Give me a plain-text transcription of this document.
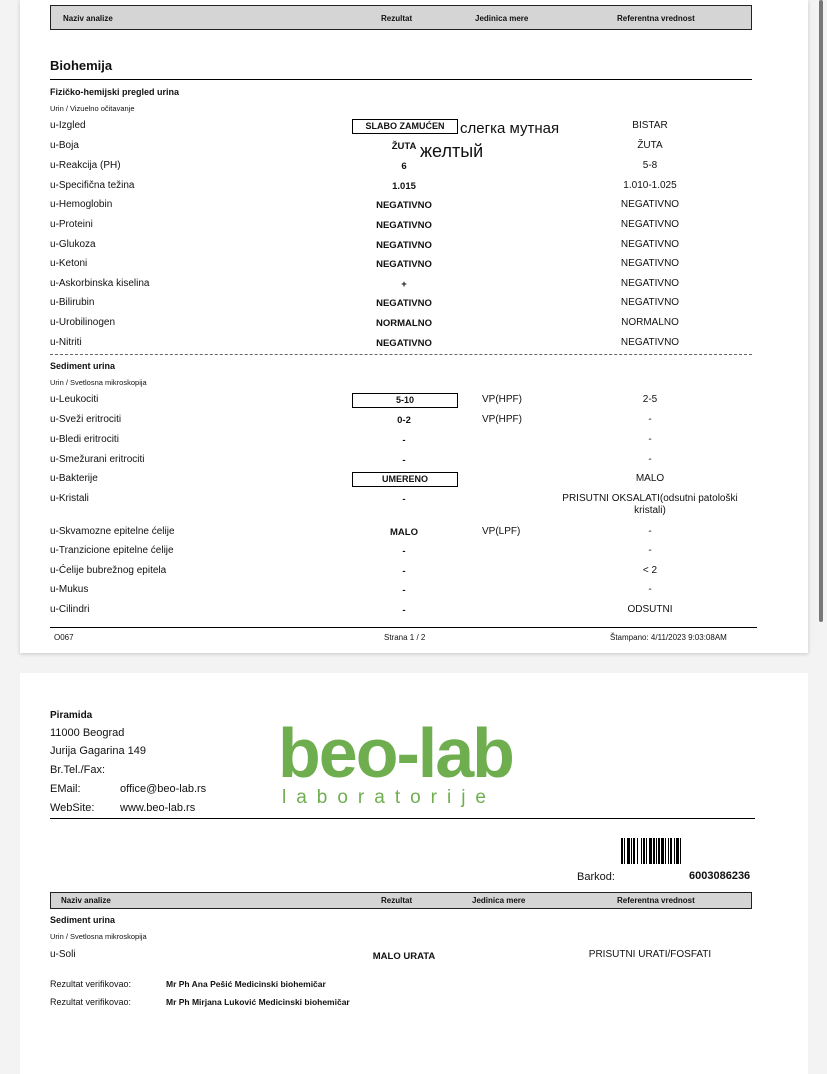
Naziv analize	Rezultat	Jedinica mere	Referentna vrednost
Biohemija
Fizičko-hemijski pregled urina
Urin / Vizuelno očitavanje
u-Izgled	SLABO ZAMUĆEN	BISTAR
u-Boja	ŽUTA	ŽUTA
u-Reakcija (PH)	6	5-8
u-Specifična težina	1.015	1.010-1.025
u-Hemoglobin	NEGATIVNO	NEGATIVNO
u-Proteini	NEGATIVNO	NEGATIVNO
u-Glukoza	NEGATIVNO	NEGATIVNO
u-Ketoni	NEGATIVNO	NEGATIVNO
u-Askorbinska kiselina	+	NEGATIVNO
u-Bilirubin	NEGATIVNO	NEGATIVNO
u-Urobilinogen	NORMALNO	NORMALNO
u-Nitriti	NEGATIVNO	NEGATIVNO
слегка мутная
желтый
Sediment urina
Urin / Svetlosna mikroskopija
u-Leukociti	5-10	VP(HPF)	2-5
u-Sveži eritrociti	0-2	VP(HPF)	-
u-Bledi eritrociti	-	-
u-Smežurani eritrociti	-	-
u-Bakterije	UMERENO	MALO
u-Kristali	-	PRISUTNI OKSALATI(odsutni patološki
kristali)
u-Skvamozne epitelne ćelije	MALO	VP(LPF)	-
u-Tranzicione epitelne ćelije	-	-
u-Ćelije bubrežnog epitela	-	< 2
u-Mukus	-	-
u-Cilindri	-	ODSUTNI
O067	Strana 1 / 2	Štampano: 4/11/2023 9:03:08AM
Piramida
11000 Beograd
Jurija Gagarina 149
Br.Tel./Fax:
EMail:	office@beo-lab.rs
WebSite: www.beo-lab.rs
beo-lab
laboratorije
Barkod:	6003086236
Naziv analize	Rezultat	Jedinica mere	Referentna vrednost
Sediment urina
Urin / Svetlosna mikroskopija
u-Soli	MALO URATA	PRISUTNI URATI/FOSFATI
Rezultat verifikovao:	Mr Ph Ana Pešić Medicinski biohemičar
Rezultat verifikovao:	Mr Ph Mirjana Luković Medicinski biohemičar
